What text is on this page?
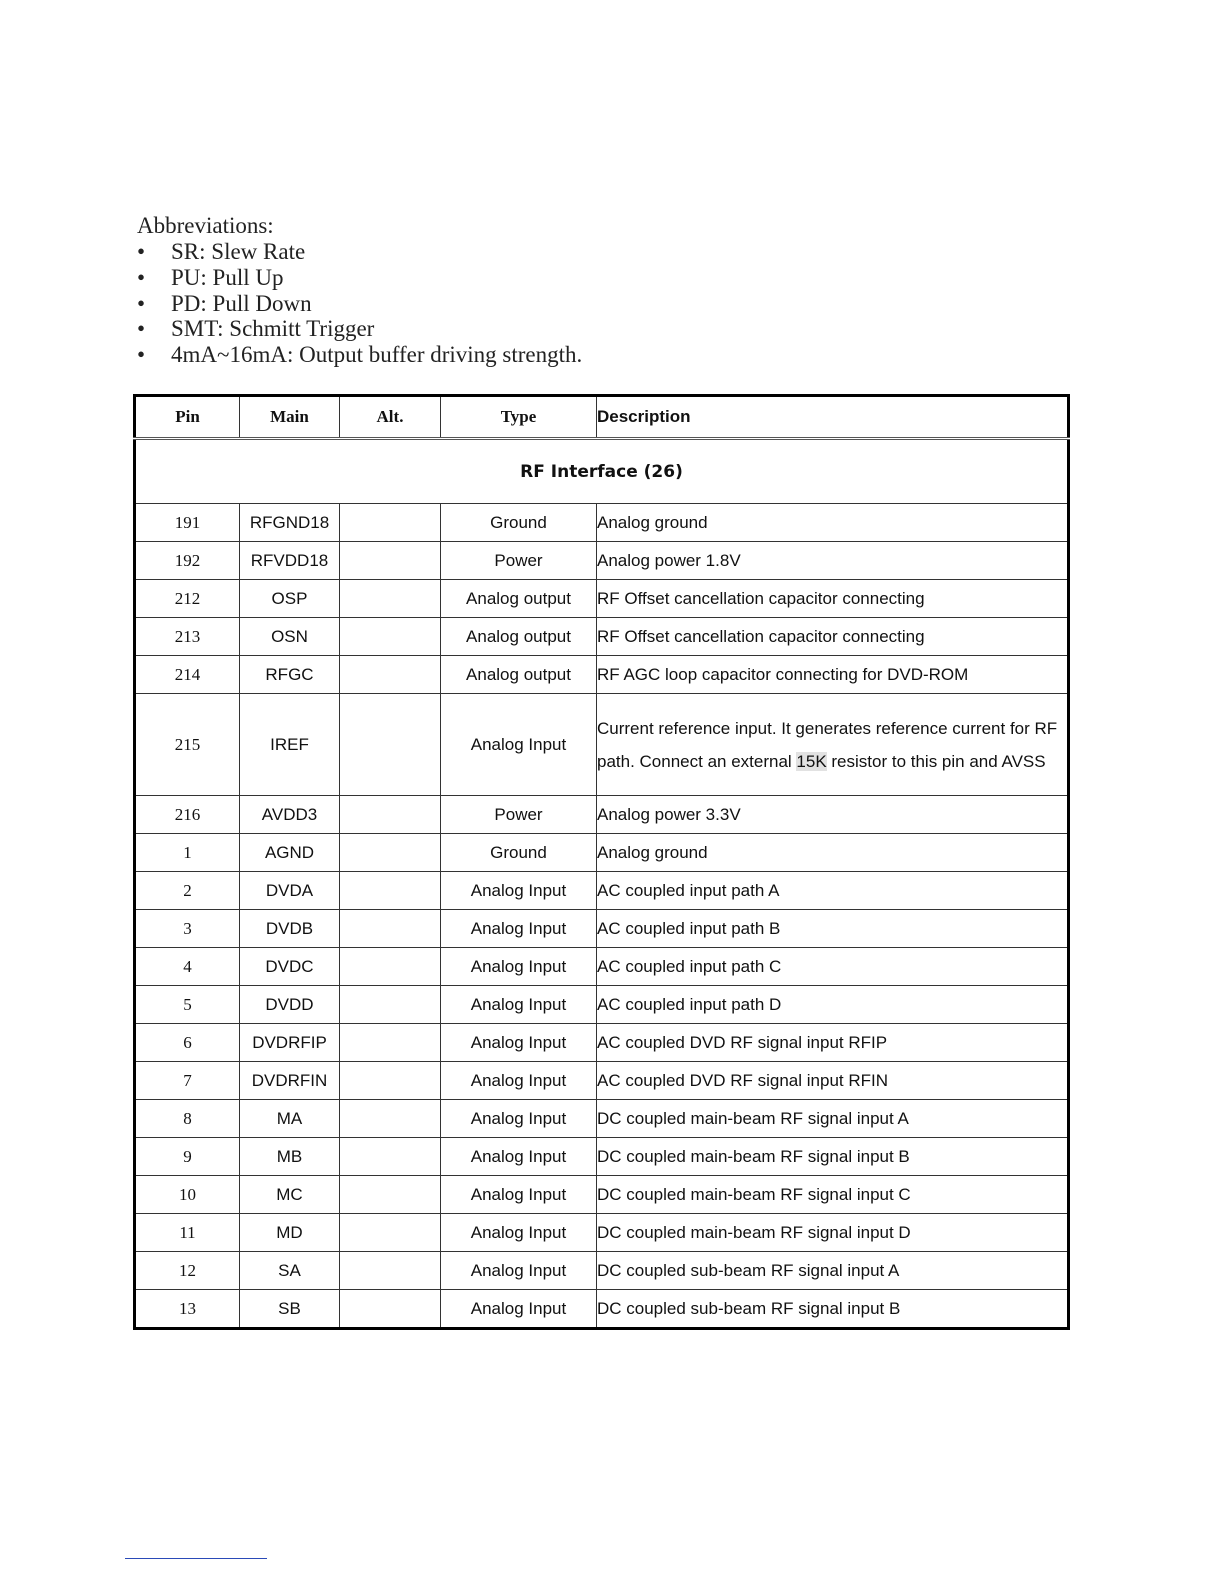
Abbreviations:
• SR: Slew Rate
• PU: Pull Up
• PD: Pull Down
• SMT: Schmitt Trigger
• 4mA~16mA: Output buffer driving strength.
Pin	Main	Alt.	Type	Description
RF Interface (26)				
191	RFGND18		Ground	Analog ground
192	RFVDD18		Power	Analog power 1.8V
212	OSP		Analog output	RF Offset cancellation capacitor connecting
213	OSN		Analog output	RF Offset cancellation capacitor connecting
214	RFGC		Analog output	RF AGC loop capacitor connecting for DVD-ROM
215	IREF		Analog Input	Current reference input. It generates reference current for RF path. Connect an external 15K resistor to this pin and AVSS
216	AVDD3		Power	Analog power 3.3V
1	AGND		Ground	Analog ground
2	DVDA		Analog Input	AC coupled input path A
3	DVDB		Analog Input	AC coupled input path B
4	DVDC		Analog Input	AC coupled input path C
5	DVDD		Analog Input	AC coupled input path D
6	DVDRFIP		Analog Input	AC coupled DVD RF signal input RFIP
7	DVDRFIN		Analog Input	AC coupled DVD RF signal input RFIN
8	MA		Analog Input	DC coupled main-beam RF signal input A
9	MB		Analog Input	DC coupled main-beam RF signal input B
10	MC		Analog Input	DC coupled main-beam RF signal input C
11	MD		Analog Input	DC coupled main-beam RF signal input D
12	SA		Analog Input	DC coupled sub-beam RF signal input A
13	SB		Analog Input	DC coupled sub-beam RF signal input B
